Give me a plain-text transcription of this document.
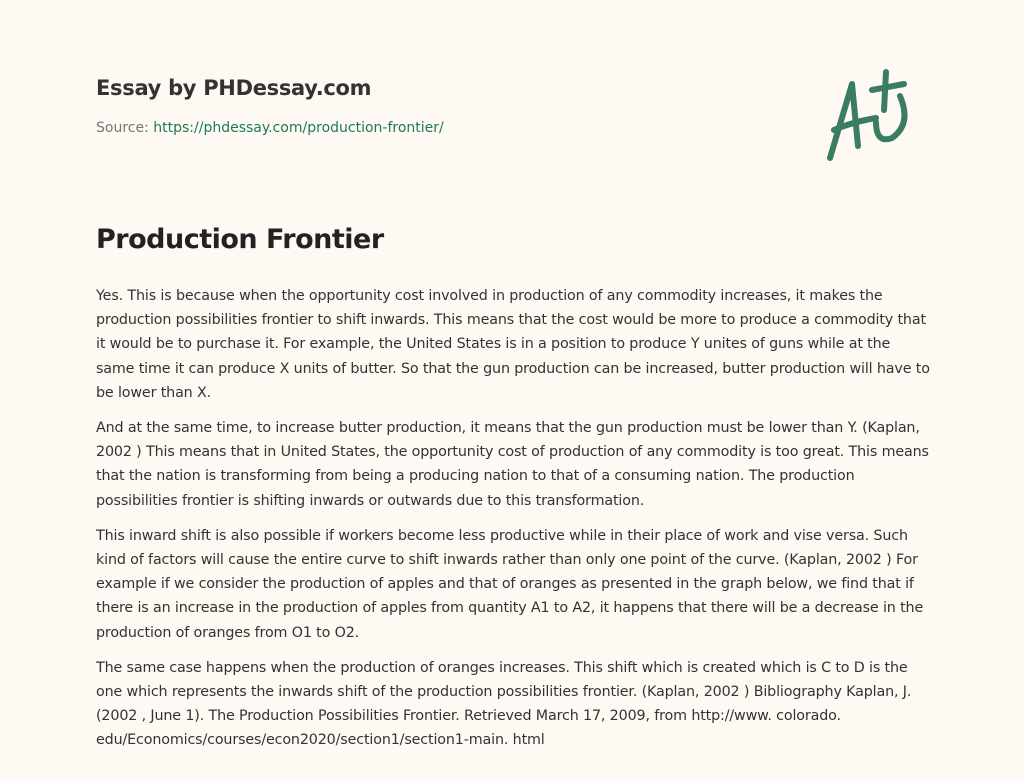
Essay by PHDessay.com
Source: https://phdessay.com/production-frontier/
Production Frontier

Yes. This is because when the opportunity cost involved in production of any commodity increases, it makes the production possibilities frontier to shift inwards. This means that the cost would be more to produce a commodity that it would be to purchase it. For example, the United States is in a position to produce Y unites of guns while at the same time it can produce X units of butter. So that the gun production can be increased, butter production will have to be lower than X.

And at the same time, to increase butter production, it means that the gun production must be lower than Y. (Kaplan, 2002 ) This means that in United States, the opportunity cost of production of any commodity is too great. This means that the nation is transforming from being a producing nation to that of a consuming nation. The production possibilities frontier is shifting inwards or outwards due to this transformation.

This inward shift is also possible if workers become less productive while in their place of work and vise versa. Such kind of factors will cause the entire curve to shift inwards rather than only one point of the curve. (Kaplan, 2002 ) For example if we consider the production of apples and that of oranges as presented in the graph below, we find that if there is an increase in the production of apples from quantity A1 to A2, it happens that there will be a decrease in the production of oranges from O1 to O2.

The same case happens when the production of oranges increases. This shift which is created which is C to D is the one which represents the inwards shift of the production possibilities frontier. (Kaplan, 2002 ) Bibliography Kaplan, J. (2002 , June 1). The Production Possibilities Frontier. Retrieved March 17, 2009, from http://www. colorado. edu/Economics/courses/econ2020/section1/section1-main. html
